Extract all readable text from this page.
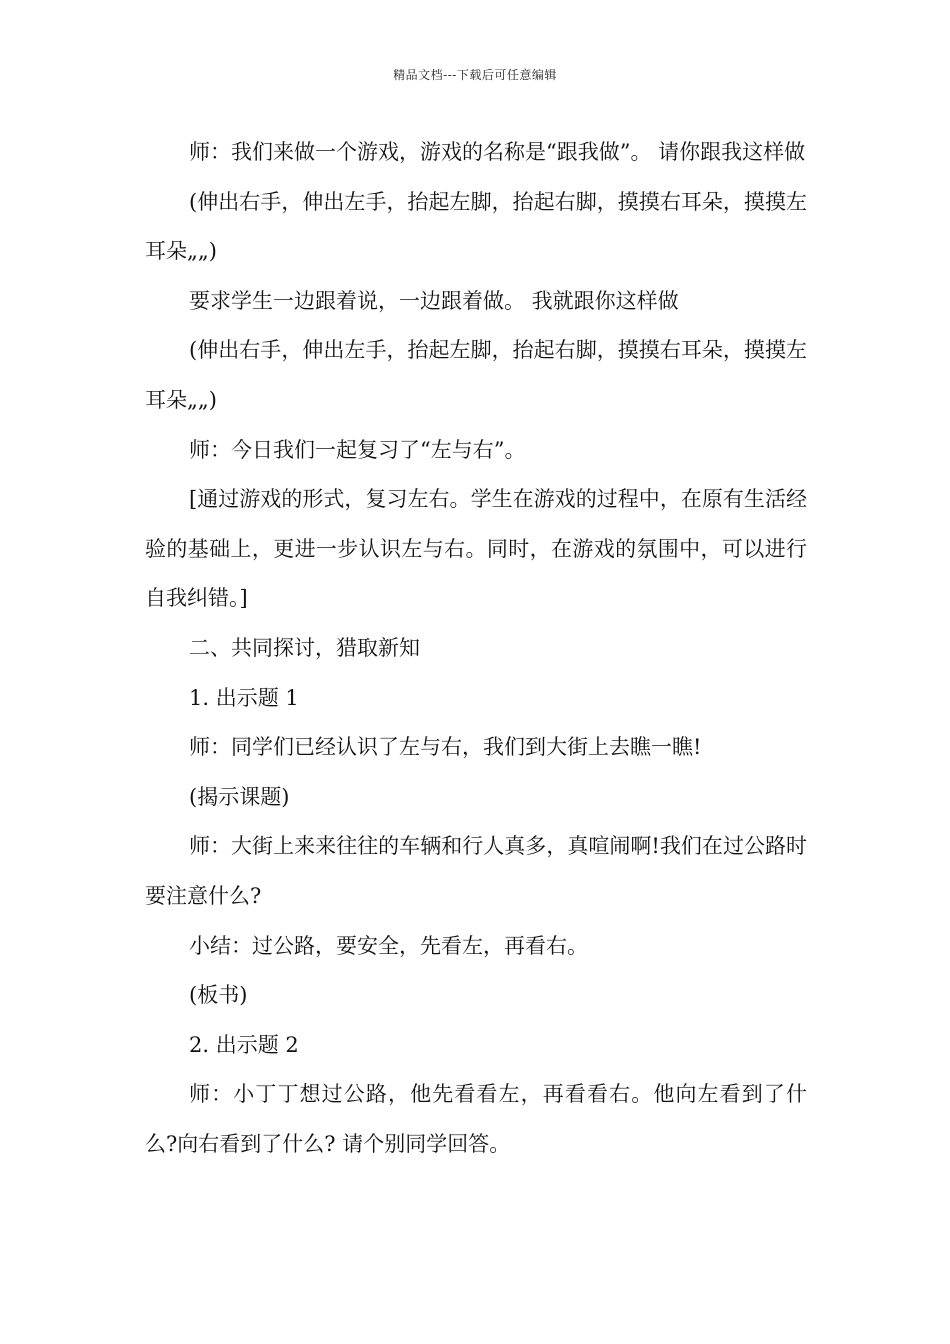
精品文档---下载后可任意编辑

师：我们来做一个游戏，游戏的名称是“跟我做”。 请你跟我这样做

(伸出右手，伸出左手，抬起左脚，抬起右脚，摸摸右耳朵，摸摸左耳朵„„)

要求学生一边跟着说，一边跟着做。 我就跟你这样做

(伸出右手，伸出左手，抬起左脚，抬起右脚，摸摸右耳朵，摸摸左耳朵„„)

师：今日我们一起复习了“左与右”。

[通过游戏的形式，复习左右。学生在游戏的过程中，在原有生活经验的基础上，更进一步认识左与右。同时，在游戏的氛围中，可以进行自我纠错。]

二、共同探讨，猎取新知

1. 出示题 1

师：同学们已经认识了左与右，我们到大街上去瞧一瞧!

(揭示课题)

师：大街上来来往往的车辆和行人真多，真喧闹啊!我们在过公路时要注意什么?

小结：过公路，要安全，先看左，再看右。

(板书)

2. 出示题 2

师：小丁丁想过公路，他先看看左，再看看右。他向左看到了什么?向右看到了什么? 请个别同学回答。
